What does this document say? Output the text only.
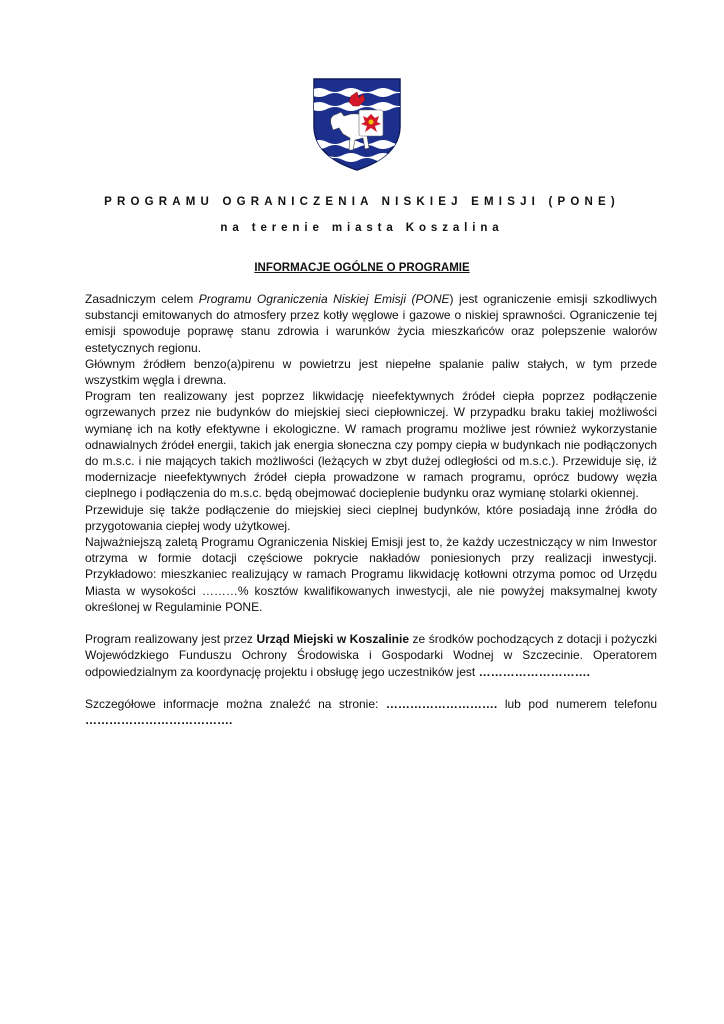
PROGRAMU OGRANICZENIA NISKIEJ EMISJI (PONE)
na terenie miasta Koszalina
INFORMACJE OGÓLNE O PROGRAMIE

Zasadniczym celem Programu Ograniczenia Niskiej Emisji (PONE) jest ograniczenie emisji szkodliwych substancji emitowanych do atmosfery przez kotły węglowe i gazowe o niskiej sprawności. Ograniczenie tej emisji spowoduje poprawę stanu zdrowia i warunków życia mieszkańców oraz polepszenie walorów estetycznych regionu.

Głównym źródłem benzo(a)pirenu w powietrzu jest niepełne spalanie paliw stałych, w tym przede wszystkim węgla i drewna.

Program ten realizowany jest poprzez likwidację nieefektywnych źródeł ciepła poprzez podłączenie ogrzewanych przez nie budynków do miejskiej sieci ciepłowniczej. W przypadku braku takiej możliwości wymianę ich na kotły efektywne i ekologiczne. W ramach programu możliwe jest również wykorzystanie odnawialnych źródeł energii, takich jak energia słoneczna czy pompy ciepła w budynkach nie podłączonych do m.s.c. i nie mających takich możliwości (leżących w zbyt dużej odległości od m.s.c.). Przewiduje się, iż modernizacje nieefektywnych źródeł ciepła prowadzone w ramach programu, oprócz budowy węzła cieplnego i podłączenia do m.s.c. będą obejmować docieplenie budynku oraz wymianę stolarki okiennej.

Przewiduje się także podłączenie do miejskiej sieci cieplnej budynków, które posiadają inne źródła do przygotowania ciepłej wody użytkowej.

Najważniejszą zaletą Programu Ograniczenia Niskiej Emisji jest to, że każdy uczestniczący w nim Inwestor otrzyma w formie dotacji częściowe pokrycie nakładów poniesionych przy realizacji inwestycji. Przykładowo: mieszkaniec realizujący w ramach Programu likwidację kotłowni otrzyma pomoc od Urzędu Miasta w wysokości ………% kosztów kwalifikowanych inwestycji, ale nie powyżej maksymalnej kwoty określonej w Regulaminie PONE.

Program realizowany jest przez Urząd Miejski w Koszalinie ze środków pochodzących z dotacji i pożyczki Wojewódzkiego Funduszu Ochrony Środowiska i Gospodarki Wodnej w Szczecinie. Operatorem odpowiedzialnym za koordynację projektu i obsługę jego uczestników jest ……………………….

Szczegółowe informacje można znaleźć na stronie: ………………………. lub pod numerem telefonu ……………………………….
